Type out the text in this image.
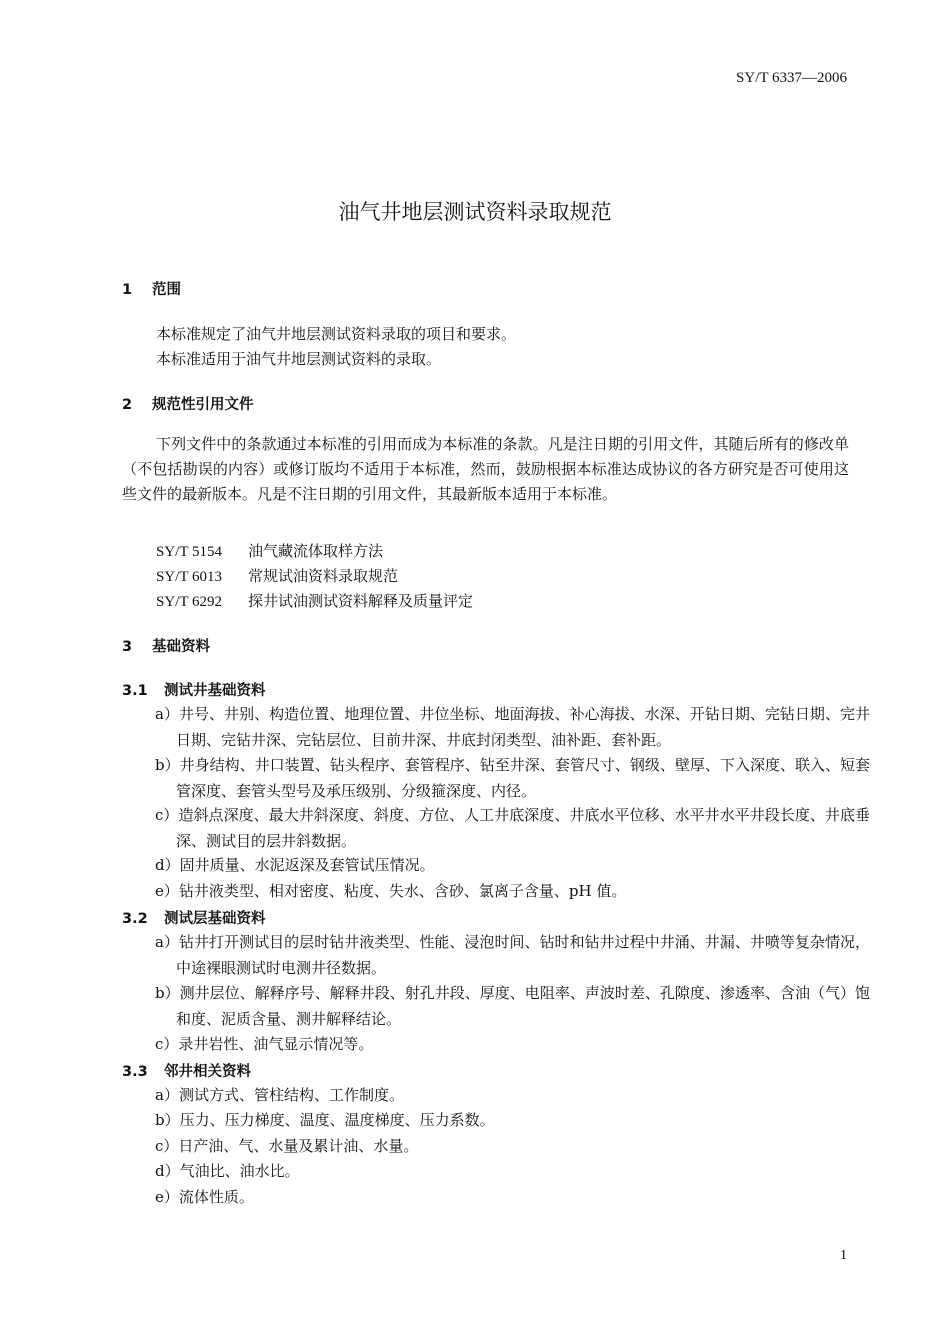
SY/T 6337—2006
油气井地层测试资料录取规范
1 范围
本标准规定了油气井地层测试资料录取的项目和要求。
本标准适用于油气井地层测试资料的录取。
2 规范性引用文件
下列文件中的条款通过本标准的引用而成为本标准的条款。凡是注日期的引用文件，其随后所有的修改单（不包括勘误的内容）或修订版均不适用于本标准，然而，鼓励根据本标准达成协议的各方研究是否可使用这些文件的最新版本。凡是不注日期的引用文件，其最新版本适用于本标准。
SY/T 5154 油气藏流体取样方法
SY/T 6013 常规试油资料录取规范
SY/T 6292 探井试油测试资料解释及质量评定
3 基础资料
3.1 测试井基础资料
a）井号、井别、构造位置、地理位置、井位坐标、地面海拔、补心海拔、水深、开钻日期、完钻日期、完井日期、完钻井深、完钻层位、目前井深、井底封闭类型、油补距、套补距。
b）井身结构、井口装置、钻头程序、套管程序、钻至井深、套管尺寸、钢级、壁厚、下入深度、联入、短套管深度、套管头型号及承压级别、分级箍深度、内径。
c）造斜点深度、最大井斜深度、斜度、方位、人工井底深度、井底水平位移、水平井水平井段长度、井底垂深、测试目的层井斜数据。
d）固井质量、水泥返深及套管试压情况。
e）钻井液类型、相对密度、粘度、失水、含砂、氯离子含量、pH 值。
3.2 测试层基础资料
a）钻井打开测试目的层时钻井液类型、性能、浸泡时间、钻时和钻井过程中井涌、井漏、井喷等复杂情况，中途裸眼测试时电测井径数据。
b）测井层位、解释序号、解释井段、射孔井段、厚度、电阻率、声波时差、孔隙度、渗透率、含油（气）饱和度、泥质含量、测井解释结论。
c）录井岩性、油气显示情况等。
3.3 邻井相关资料
a）测试方式、管柱结构、工作制度。
b）压力、压力梯度、温度、温度梯度、压力系数。
c）日产油、气、水量及累计油、水量。
d）气油比、油水比。
e）流体性质。
1
